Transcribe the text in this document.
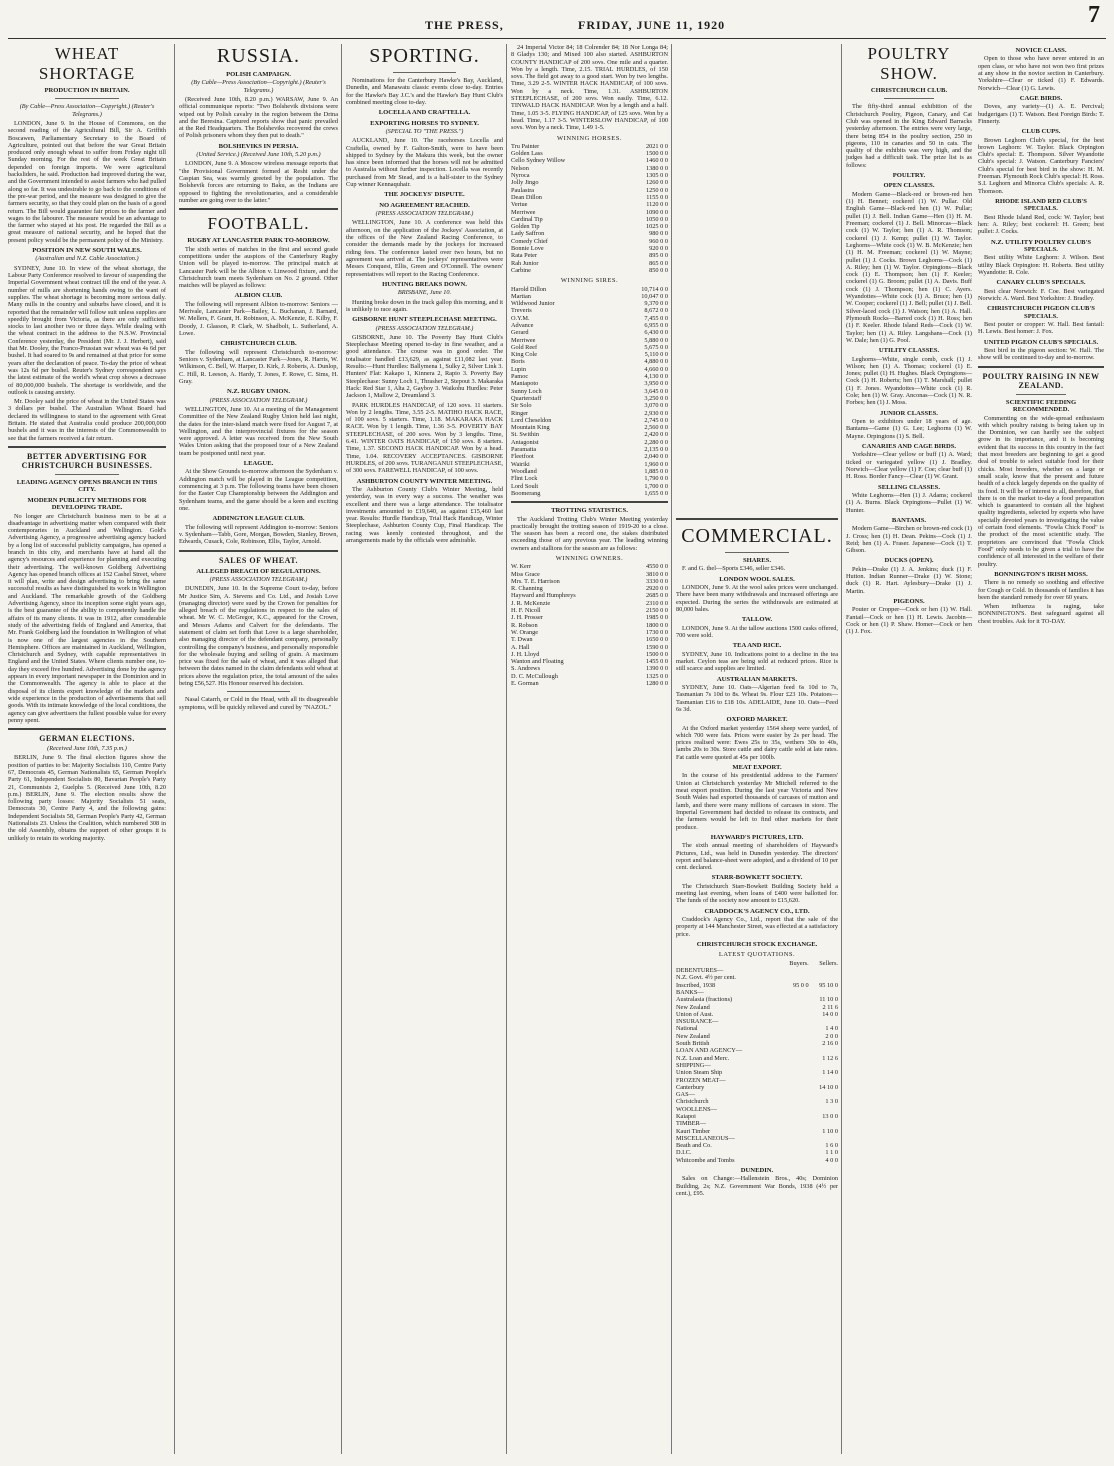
THE PRESS,	FRIDAY, JUNE 11, 1920	7
WHEAT SHORTAGE
PRODUCTION IN BRITAIN.
(By Cable—Press Association—Copyright.) (Reuter's Telegrams.)

LONDON, June 9. In the House of Commons, on the second reading of the Agricultural Bill, Sir A. Griffith Boscawen, Parliamentary Secretary to the Board of Agriculture, pointed out that before the war Great Britain produced only enough wheat to suffer from Friday night till Sunday morning. For the rest of the week Great Britain depended on foreign imports. We were agricultural backsliders, he said. Production had improved during the war, and the Government intended to assist farmers who had pulled along so far. It was undesirable to go back to the conditions of the pre-war period, and the measure was designed to give the farmers security, so that they could plan on the basis of a good return. The Bill would guarantee fair prices to the farmer and wages to the labourer. The measure would be an advantage to the farmer who stayed at his post. He regarded the Bill as a great measure of national security, and he hoped that the present policy would be the permanent policy of the Ministry.

POSITION IN NEW SOUTH WALES.
(Australian and N.Z. Cable Association.)

SYDNEY, June 10. In view of the wheat shortage, the Labour Party Conference resolved to favour of suspending the Imperial Government wheat contract till the end of the year. A number of mills are shortening hands owing to the want of supplies. The wheat shortage is becoming more serious daily. Many mills in the country and suburbs have closed, and it is reported that the remainder will follow suit unless supplies are speedily brought from Victoria, as there are only sufficient stocks to last another two or three days. While dealing with the wheat contract in the address to the N.S.W. Provincial Conference yesterday, the President (Mr. J. J. Herbert), said that Mr. Dooley, the Franco-Prussian war wheat was 4s 6d per bushel. It had soared to 9s and remained at that price for some years after the declaration of peace. To-day the price of wheat was 12s 6d per bushel. Reuter's Sydney correspondent says the latest estimate of the world's wheat crop shows a decrease of 80,000,000 bushels. The shortage is worldwide, and the outlook is causing anxiety.

Mr. Dooley said the price of wheat in the United States was 3 dollars per bushel. The Australian Wheat Board had declared its willingness to stand to the agreement with Great Britain. He stated that Australia could produce 200,000,000 bushels and it was in the interests of the Commonwealth to see that the farmers received a fair return.

BETTER ADVERTISING FOR CHRISTCHURCH BUSINESSES.
LEADING AGENCY OPENS BRANCH IN THIS CITY.
MODERN PUBLICITY METHODS FOR DEVELOPING TRADE.

No longer are Christchurch business men to be at a disadvantage in advertising matter when compared with their contemporaries in Auckland and Wellington. Gold's Advertising Agency, a progressive advertising agency backed by a long list of successful publicity campaigns, has opened a branch in this city, and merchants have at hand all the agency's resources and experience for planning and executing their advertising. The well-known Goldberg Advertising Agency has opened branch offices at 152 Cashel Street, where it will plan, write and design advertising to bring the same successful results as have distinguished its work in Wellington and Auckland. The remarkable growth of the Goldberg Advertising Agency, since its inception some eight years ago, is the best guarantee of the ability to competently handle the affairs of its many clients. It was in 1912, after considerable study of the advertising fields of England and America, that Mr. Frank Goldberg laid the foundation in Wellington of what is now one of the largest agencies in the Southern Hemisphere. Offices are maintained in Auckland, Wellington, Christchurch and Sydney, with capable representatives in England and the United States. Where clients number one, to-day they exceed five hundred. Advertising done by the agency appears in every important newspaper in the Dominion and in the Commonwealth. The agency is able to place at the disposal of its clients expert knowledge of the markets and wide experience in the production of advertisements that sell goods. With its intimate knowledge of the local conditions, the agency can give advertisers the fullest possible value for every penny spent.

GERMAN ELECTIONS.
(Received June 10th, 7.35 p.m.)

BERLIN, June 9. The final election figures show the position of parties to be: Majority Socialists 110, Centre Party 67, Democrats 45, German Nationalists 65, German People's Party 61, Independent Socialists 80, Bavarian People's Party 21, Communists 2, Guelphs 5. (Received June 10th, 8.20 p.m.) BERLIN, June 9. The election results show the following party losses: Majority Socialists 51 seats, Democrats 30, Centre Party 4, and the following gains: Independent Socialists 58, German People's Party 42, German Nationalists 23. Unless the Coalition, which numbered 308 in the old Assembly, obtains the support of other groups it is unlikely to retain its working majority.

RUSSIA.
POLISH CAMPAIGN.
(By Cable—Press Association—Copyright.) (Reuter's Telegrams.)

(Received June 10th, 8.20 p.m.) WARSAW, June 9. An official communique reports: "Two Bolshevik divisions were wiped out by Polish cavalry in the region between the Drina and the Beresina. Captured reports show that panic prevailed at the Red Headquarters. The Bolsheviks recovered the crews of Polish prisoners whom they then put to death."

BOLSHEVIKS IN PERSIA.
(United Service.) (Received June 10th, 5.20 p.m.)

LONDON, June 9. A Moscow wireless message reports that "the Provisional Government formed at Resht under the Caspian Sea, was warmly greeted by the population. The Bolshevik forces are returning to Baku, as the Indians are opposed to fighting the revolutionaries, and a considerable number are going over to the latter."

FOOTBALL.
RUGBY AT LANCASTER PARK TO-MORROW.

The sixth series of matches in the first and second grade competitions under the auspices of the Canterbury Rugby Union will be played to-morrow. The principal match at Lancaster Park will be the Albion v. Linwood fixture, and the Christchurch team meets Sydenham on No. 2 ground. Other matches will be played as follows:

ALBION CLUB.

The following will represent Albion to-morrow: Seniors — Merivale, Lancaster Park—Bailey, L. Buchanan, J. Barnard, W. Mellers, F. Grant, H. Robinson, A. McKenzie, E. Kilby, F. Doody, J. Glasson, P. Clark, W. Shadbolt, L. Sutherland, A. Lowe.

CHRISTCHURCH CLUB.

The following will represent Christchurch to-morrow: Seniors v. Sydenham, at Lancaster Park—Jones, R. Harris, W. Wilkinson, C. Bell, W. Harper, D. Kirk, J. Roberts, A. Dunlop, C. Hill, R. Leeson, A. Hardy, T. Jones, F. Rowe, C. Sims, H. Gray.

N.Z. RUGBY UNION.
(PRESS ASSOCIATION TELEGRAM.)

WELLINGTON, June 10. At a meeting of the Management Committee of the New Zealand Rugby Union held last night, the dates for the inter-island match were fixed for August 7, at Wellington, and the interprovincial fixtures for the season were approved. A letter was received from the New South Wales Union asking that the proposed tour of a New Zealand team be postponed until next year.

LEAGUE.

At the Show Grounds to-morrow afternoon the Sydenham v. Addington match will be played in the League competition, commencing at 3 p.m. The following teams have been chosen for the Easter Cup Championship between the Addington and Sydenham teams, and the game should be a keen and exciting one.

ADDINGTON LEAGUE CLUB.

The following will represent Addington to-morrow: Seniors v. Sydenham—Tabb, Gore, Morgan, Bowden, Stanley, Brown, Edwards, Cusack, Cole, Robinson, Ellis, Taylor, Arnold.

SALES OF WHEAT.
ALLEGED BREACH OF REGULATIONS.
(PRESS ASSOCIATION TELEGRAM.)

DUNEDIN, June 10. In the Supreme Court to-day, before Mr Justice Sim, A. Stevens and Co. Ltd., and Josiah Love (managing director) were sued by the Crown for penalties for alleged breach of the regulations in respect to the sales of wheat. Mr W. C. McGregor, K.C., appeared for the Crown, and Messrs Adams and Calvert for the defendants. The statement of claim set forth that Love is a large shareholder, also managing director of the defendant company, personally controlling the company's business, and personally responsible for the wholesale buying and selling of grain. A maximum price was fixed for the sale of wheat, and it was alleged that between the dates named in the claim defendants sold wheat at prices above the regulation price, the total amount of the sales being £56,527. His Honour reserved his decision.

Nasal Catarrh, or Cold in the Head, with all its disagreeable symptoms, will be quickly relieved and cured by "NAZOL."

SPORTING.

Nominations for the Canterbury Hawke's Bay, Auckland, Dunedin, and Manawatu classic events close to-day. Entries for the Hawke's Bay J.C.'s and the Hawke's Bay Hunt Club's combined meeting close to-day.

LOCELLA AND CRAFTELLA.
EXPORTING HORSES TO SYDNEY.
(SPECIAL TO "THE PRESS.")

AUCKLAND, June 10. The racehorses Locella and Craftella, owned by F. Galton-Smith, were to have been shipped to Sydney by the Makura this week, but the owner has since been informed that the horses will not be admitted to Australia without further inspection. Locella was recently purchased from Mr Stead, and is a half-sister to the Sydney Cup winner Kennaquhair.

THE JOCKEYS' DISPUTE.
NO AGREEMENT REACHED.
(PRESS ASSOCIATION TELEGRAM.)

WELLINGTON, June 10. A conference was held this afternoon, on the application of the Jockeys' Association, at the offices of the New Zealand Racing Conference, to consider the demands made by the jockeys for increased riding fees. The conference lasted over two hours, but no agreement was arrived at. The jockeys' representatives were Messrs Conquest, Ellis, Green and O'Connell. The owners' representatives will report to the Racing Conference.

HUNTING BREAKS DOWN.
BRISBANE, June 10.

Hunting broke down in the track gallop this morning, and it is unlikely to race again.

GISBORNE HUNT STEEPLECHASE MEETING.
(PRESS ASSOCIATION TELEGRAM.)

GISBORNE, June 10. The Poverty Bay Hunt Club's Steeplechase Meeting opened to-day in fine weather, and a good attendance. The course was in good order. The totalisator handled £13,629, as against £11,082 last year. Results:—Hunt Hurdles: Ballymena 1, Sulky 2, Silver Link 3. Hunters' Flat: Kakapo 1, Kinnera 2, Rapio 3. Poverty Bay Steeplechase: Sunny Loch 1, Thrasher 2, Stepout 3. Makaraka Hack: Red Star 1, Alta 2, Gayboy 3. Waikohu Hurdles: Peter Jackson 1, Mallow 2, Dreamland 3.

PARK HURDLES HANDICAP, of 120 sovs. 11 starters. Won by 2 lengths. Time, 3.55 2-5. MATIHO HACK RACE, of 100 sovs. 5 starters. Time, 1.18. MAKARAKA HACK RACE. Won by 1 length. Time, 1.36 3-5. POVERTY BAY STEEPLECHASE, of 200 sovs. Won by 3 lengths. Time, 6.41. WINTER OATS HANDICAP, of 150 sovs. 8 starters. Time, 1.37. SECOND HACK HANDICAP. Won by a head. Time, 1.04. RECOVERY ACCEPTANCES. GISBORNE HURDLES, of 200 sovs. TURANGANUI STEEPLECHASE, of 300 sovs. FAREWELL HANDICAP, of 100 sovs.

ASHBURTON COUNTY WINTER MEETING.

The Ashburton County Club's Winter Meeting, held yesterday, was in every way a success. The weather was excellent and there was a large attendance. The totalisator investments amounted to £19,640, as against £15,460 last year. Results: Hurdle Handicap, Trial Hack Handicap, Winter Steeplechase, Ashburton County Cup, Final Handicap. The racing was keenly contested throughout, and the arrangements made by the officials were admirable.

24 Imperial Victor 84; 18 Colrender 84; 18 Nor Longa 84; 8 Gladys 130; and Mixed 100 also started. ASHBURTON COUNTY HANDICAP of 200 sovs. One mile and a quarter. Won by a length. Time, 2.15. TRIAL HURDLES, of 150 sovs. The field got away to a good start. Won by two lengths. Time, 3.29 2-5. WINTER HACK HANDICAP, of 100 sovs. Won by a neck. Time, 1.31. ASHBURTON STEEPLECHASE, of 200 sovs. Won easily. Time, 6.12. TINWALD HACK HANDICAP. Won by a length and a half. Time, 1.05 3-5. FLYING HANDICAP, of 125 sovs. Won by a head. Time, 1.17 3-5. WINTERSLOW HANDICAP, of 100 sovs. Won by a neck. Time, 1.49 1-5.

WINNING HORSES.
Tru Painter	2021 0 0
Golden Lass	1500 0 0
Cello Sydney Willow	1460 0 0
Nelson	1380 0 0
Nyroca	1305 0 0
Jolly Jingo	1260 0 0
Paulastra	1250 0 0
Dean Dillon	1155 0 0
Vertue	1120 0 0
Merriwee	1090 0 0
Cardinal Tip	1050 0 0
Golden Tip	1025 0 0
Lady Saffron	980 0 0
Comedy Chief	960 0 0
Bonnie Love	920 0 0
Rata Peter	895 0 0
Rah Junior	865 0 0
Carbine	850 0 0
WINNING SIRES.
Harold Dillon	10,714 0 0
Martian	10,047 0 0
Wildwood Junior	9,370 0 0
Treveris	8,672 0 0
O.Y.M.	7,455 0 0
Advance	6,955 0 0
Gerard	6,430 0 0
Merriwee	5,880 0 0
Gold Reef	5,675 0 0
King Cole	5,110 0 0
Boris	4,880 0 0
Lupin	4,660 0 0
Pamoc	4,130 0 0
Maniapoto	3,950 0 0
Sunny Loch	3,645 0 0
Quarterstaff	3,250 0 0
Sir Solo	3,070 0 0
Ringer	2,930 0 0
Lord Cheseldon	2,745 0 0
Mountain King	2,560 0 0
St. Swithin	2,420 0 0
Antagonist	2,280 0 0
Paramatta	2,135 0 0
Fleetfoot	2,040 0 0
Wairiki	1,960 0 0
Woodland	1,885 0 0
Flint Lock	1,790 0 0
Lord Soult	1,700 0 0
Boomerang	1,655 0 0
TROTTING STATISTICS.

The Auckland Trotting Club's Winter Meeting yesterday practically brought the trotting season of 1919-20 to a close. The season has been a record one, the stakes distributed exceeding those of any previous year. The leading winning owners and stallions for the season are as follows:

WINNING OWNERS.
W. Kerr	4550 0 0
Miss Grace	3810 0 0
Mrs. T. E. Harrison	3330 0 0
R. Channing	2920 0 0
Hayward and Humphreys	2685 0 0
J. R. McKenzie	2310 0 0
H. F. Nicoll	2150 0 0
J. H. Prosser	1985 0 0
R. Robson	1800 0 0
W. Orange	1730 0 0
T. Dwan	1650 0 0
A. Hall	1590 0 0
J. H. Lloyd	1500 0 0
Wanton and Floating	1455 0 0
S. Andrews	1390 0 0
D. C. McCullough	1325 0 0
E. Gorman	1280 0 0
COMMERCIAL.
SHARES.

F. and G. thel—Sports £346, seller £346.

LONDON WOOL SALES.

LONDON, June 9. At the wool sales prices were unchanged. There have been many withdrawals and increased offerings are expected. During the series the withdrawals are estimated at 80,000 bales.

TALLOW.

LONDON, June 9. At the tallow auctions 1500 casks offered, 700 were sold.

TEA AND RICE.

SYDNEY, June 10. Indications point to a decline in the tea market. Ceylon teas are being sold at reduced prices. Rice is still scarce and supplies are limited.

AUSTRALIAN MARKETS.

SYDNEY, June 10. Oats—Algerian feed 6s 10d to 7s, Tasmanian 7s 10d to 8s. Wheat 9s. Flour £23 10s. Potatoes—Tasmanian £16 to £18 10s. ADELAIDE, June 10. Oats—Feed 6s 3d.

OXFORD MARKET.

At the Oxford market yesterday 1564 sheep were yarded, of which 700 were fats. Prices were easier by 2s per head. The prices realised were: Ewes 25s to 35s, wethers 30s to 40s, lambs 20s to 30s. Store cattle and dairy cattle sold at late rates. Fat cattle were quoted at 45s per 100lb.

MEAT EXPORT.

In the course of his presidential address to the Farmers' Union at Christchurch yesterday Mr Mitchell referred to the meat export position. During the last year Victoria and New South Wales had exported thousands of carcases of mutton and lamb, and there were many millions of carcases in store. The Imperial Government had decided to release its contracts, and the farmers would be left to find other markets for their produce.

HAYWARD'S PICTURES, LTD.

The sixth annual meeting of shareholders of Hayward's Pictures, Ltd., was held in Dunedin yesterday. The directors' report and balance-sheet were adopted, and a dividend of 10 per cent. declared.

STARR-BOWKETT SOCIETY.

The Christchurch Starr-Bowkett Building Society held a meeting last evening, when loans of £400 were ballotted for. The funds of the society now amount to £15,620.

CRADDOCK'S AGENCY CO., LTD.

Craddock's Agency Co., Ltd., report that the sale of the property at 144 Manchester Street, was effected at a satisfactory price.

CHRISTCHURCH STOCK EXCHANGE.
LATEST QUOTATIONS.
	Buyers.	Sellers.
DEBENTURES—		
N.Z. Govt. 4½ per cent.		
Inscribed, 1938	95 0 0	95 10 0
BANKS—		
Australasia (fractions)		11 10 0
New Zealand		2 11 6
Union of Aust.		14 0 0
INSURANCE—		
National		1 4 0
New Zealand		2 0 0
South British		2 16 0
LOAN AND AGENCY—		
N.Z. Loan and Merc.		1 12 6
SHIPPING—		
Union Steam Ship		1 14 0
FROZEN MEAT—		
Canterbury		14 10 0
GAS—		
Christchurch		1 3 0
WOOLLENS—		
Kaiapoi		13 0 0
TIMBER—		
Kauri Timber		1 10 0
MISCELLANEOUS—		
Beath and Co.		1 6 0
D.I.C.		1 1 0
Whitcombe and Tombs		4 0 0
DUNEDIN.

Sales on Change:—Hallenstein Bros., 40s; Dominion Building, 2s; N.Z. Government War Bonds, 1938 (4½ per cent.), £95.

POULTRY SHOW.
CHRISTCHURCH CLUB.

The fifty-third annual exhibition of the Christchurch Poultry, Pigeon, Canary, and Cat Club was opened in the King Edward Barracks yesterday afternoon. The entries were very large, there being 854 in the poultry section, 250 in pigeons, 110 in canaries and 50 in cats. The quality of the exhibits was very high, and the judges had a difficult task. The prize list is as follows:

POULTRY.
OPEN CLASSES.

Modern Game—Black-red or brown-red hen (1) H. Bennet; cockerel (1) W. Pullar. Old English Game—Black-red hen (1) W. Pullar; pullet (1) J. Bell. Indian Game—Hen (1) H. M. Freeman; cockerel (1) J. Bell. Minorcas—Black cock (1) W. Taylor; hen (1) A. R. Thomson; cockerel (1) J. Kemp; pullet (1) W. Taylor. Leghorns—White cock (1) W. B. McKenzie; hen (1) H. M. Freeman; cockerel (1) W. Mayne; pullet (1) J. Cocks. Brown Leghorns—Cock (1) A. Riley; hen (1) W. Taylor. Orpingtons—Black cock (1) E. Thompson; hen (1) F. Keeler; cockerel (1) G. Broom; pullet (1) A. Davis. Buff cock (1) J. Thompson; hen (1) C. Ayers. Wyandottes—White cock (1) A. Bruce; hen (1) W. Cooper; cockerel (1) J. Bell; pullet (1) J. Bell. Silver-laced cock (1) J. Watson; hen (1) A. Hall. Plymouth Rocks—Barred cock (1) H. Ross; hen (1) F. Keeler. Rhode Island Reds—Cock (1) W. Taylor; hen (1) A. Riley. Langshans—Cock (1) W. Dale; hen (1) G. Pool.

UTILITY CLASSES.

Leghorns—White, single comb, cock (1) J. Wilson; hen (1) A. Thomas; cockerel (1) E. Jones; pullet (1) H. Hughes. Black Orpingtons—Cock (1) H. Roberts; hen (1) T. Marshall; pullet (1) F. Jones. Wyandottes—White cock (1) R. Cole; hen (1) W. Gray. Anconas—Cock (1) N. R. Forbes; hen (1) J. Moss.

JUNIOR CLASSES.

Open to exhibitors under 18 years of age. Bantams—Game (1) G. Lee; Leghorns (1) W. Mayne. Orpingtons (1) S. Bell.

CANARIES AND CAGE BIRDS.

Yorkshire—Clear yellow or buff (1) A. Ward; ticked or variegated yellow (1) J. Bradley. Norwich—Clear yellow (1) F. Coe; clear buff (1) H. Ross. Border Fancy—Clear (1) W. Grant.

SELLING CLASSES.

White Leghorns—Hen (1) J. Adams; cockerel (1) A. Burns. Black Orpingtons—Pullet (1) W. Hunter.

BANTAMS.

Modern Game—Birchen or brown-red cock (1) J. Cross; hen (1) H. Dean. Pekins—Cock (1) J. Reid; hen (1) A. Fraser. Japanese—Cock (1) T. Gibson.

DUCKS (OPEN).

Pekin—Drake (1) J. A. Jenkins; duck (1) F. Hutton. Indian Runner—Drake (1) W. Stone; duck (1) R. Hart. Aylesbury—Drake (1) J. Martin.

PIGEONS.

Pouter or Cropper—Cock or hen (1) W. Hall. Fantail—Cock or hen (1) H. Lewis. Jacobin—Cock or hen (1) P. Shaw. Homer—Cock or hen (1) J. Fox.

NOVICE CLASS.

Open to those who have never entered in an open class, or who have not won two first prizes at any show in the novice section in Canterbury. Yorkshire—Clear or ticked (1) F. Edwards. Norwich—Clear (1) G. Lewis.

CAGE BIRDS.

Doves, any variety—(1) A. E. Percival; budgerigars (1) T. Watson. Best Foreign Birds: T. Finnerty.

CLUB CUPS.

Brown Leghorn Club's special, for the best brown Leghorn: W. Taylor. Black Orpington Club's special: E. Thompson. Silver Wyandotte Club's special: J. Watson. Canterbury Fanciers' Club's special for best bird in the show: H. M. Freeman. Plymouth Rock Club's special: H. Ross. S.I. Leghorn and Minorca Club's specials: A. R. Thomson.

RHODE ISLAND RED CLUB'S SPECIALS.

Best Rhode Island Red, cock: W. Taylor; best hen: A. Riley; best cockerel: H. Green; best pullet: J. Cocks.

N.Z. UTILITY POULTRY CLUB'S SPECIALS.

Best utility White Leghorn: J. Wilson. Best utility Black Orpington: H. Roberts. Best utility Wyandotte: R. Cole.

CANARY CLUB'S SPECIALS.

Best clear Norwich: F. Coe. Best variegated Norwich: A. Ward. Best Yorkshire: J. Bradley.

CHRISTCHURCH PIGEON CLUB'S SPECIALS.

Best pouter or cropper: W. Hall. Best fantail: H. Lewis. Best homer: J. Fox.

UNITED PIGEON CLUB'S SPECIALS.

Best bird in the pigeon section: W. Hall. The show will be continued to-day and to-morrow.

POULTRY RAISING IN NEW ZEALAND.
SCIENTIFIC FEEDING RECOMMENDED.

Commenting on the wide-spread enthusiasm with which poultry raising is being taken up in the Dominion, we can hardly see the subject grow in its importance, and it is becoming evident that its success in this country in the fact that most breeders are beginning to get a good deal of trouble to select suitable food for their chicks. Most breeders, whether on a large or small scale, know that the present and future health of a chick largely depends on the quality of its food. It will be of interest to all, therefore, that there is on the market to-day a food preparation which is guaranteed to contain all the highest quality ingredients, selected by experts who have specially devoted years to investigating the value of certain food elements. "Fowla Chick Food" is the product of the most scientific study. The proprietors are convinced that "Fowla Chick Food" only needs to be given a trial to have the confidence of all interested in the welfare of their poultry.

BONNINGTON'S IRISH MOSS.

There is no remedy so soothing and effective for Cough or Cold. In thousands of families it has been the standard remedy for over 60 years.

When influenza is raging, take BONNINGTON'S. Best safeguard against all chest troubles. Ask for it TO-DAY.
